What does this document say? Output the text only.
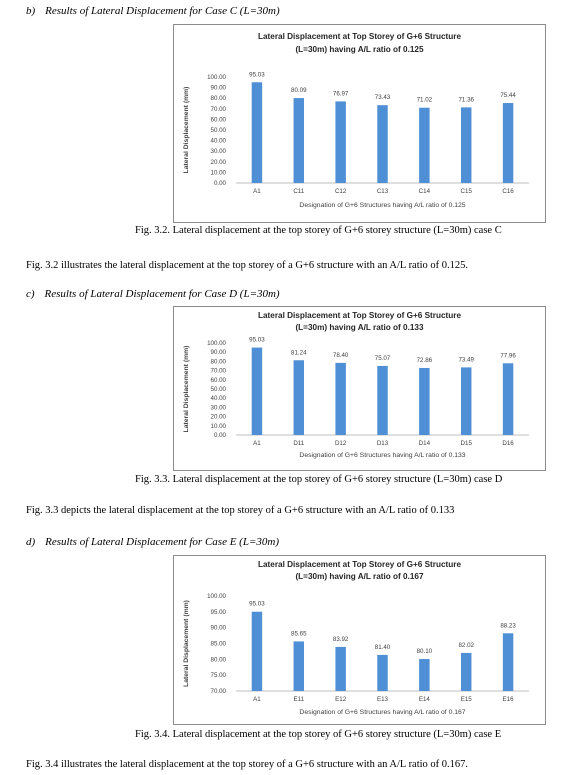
b) Results of Lateral Displacement for Case C (L=30m)
Lateral Displacement at Top Storey of G+6 Structure
(L=30m) having A/L ratio of 0.125
0.00
10.00
20.00
30.00
40.00
50.00
60.00
70.00
80.00
90.00
100.00
Lateral Displacement (mm)
95.03
A1
80.09
C11
76.97
C12
73.43
C13
71.02
C14
71.36
C15
75.44
C16
Designation of G+6 Structures having A/L ratio of 0.125
Fig. 3.2. Lateral displacement at the top storey of G+6 storey structure (L=30m) case C
Fig. 3.2 illustrates the lateral displacement at the top storey of a G+6 structure with an A/L ratio of 0.125.
c) Results of Lateral Displacement for Case D (L=30m)
Lateral Displacement at Top Storey of G+6 Structure
(L=30m) having A/L ratio of 0.133
0.00
10.00
20.00
30.00
40.00
50.00
60.00
70.00
80.00
90.00
100.00
Lateral Displacement (mm)
95.03
A1
81.24
D11
78.40
D12
75.07
D13
72.86
D14
73.49
D15
77.96
D16
Designation of G+6 Structures having A/L ratio of 0.133
Fig. 3.3. Lateral displacement at the top storey of G+6 storey structure (L=30m) case D
Fig. 3.3 depicts the lateral displacement at the top storey of a G+6 structure with an A/L ratio of 0.133
d) Results of Lateral Displacement for Case E (L=30m)
Lateral Displacement at Top Storey of G+6 Structure
(L=30m) having A/L ratio of 0.167
70.00
75.00
80.00
85.00
90.00
95.00
100.00
Lateral Displacement (mm)	95.03
A1
85.65
E11
83.92
E12
81.40
E13
80.10
E14
82.02
E15
88.23
E16
Designation of G+6 Structures having A/L ratio of 0.167
Fig. 3.4. Lateral displacement at the top storey of G+6 storey structure (L=30m) case E
Fig. 3.4 illustrates the lateral displacement at the top storey of a G+6 structure with an A/L ratio of 0.167.
